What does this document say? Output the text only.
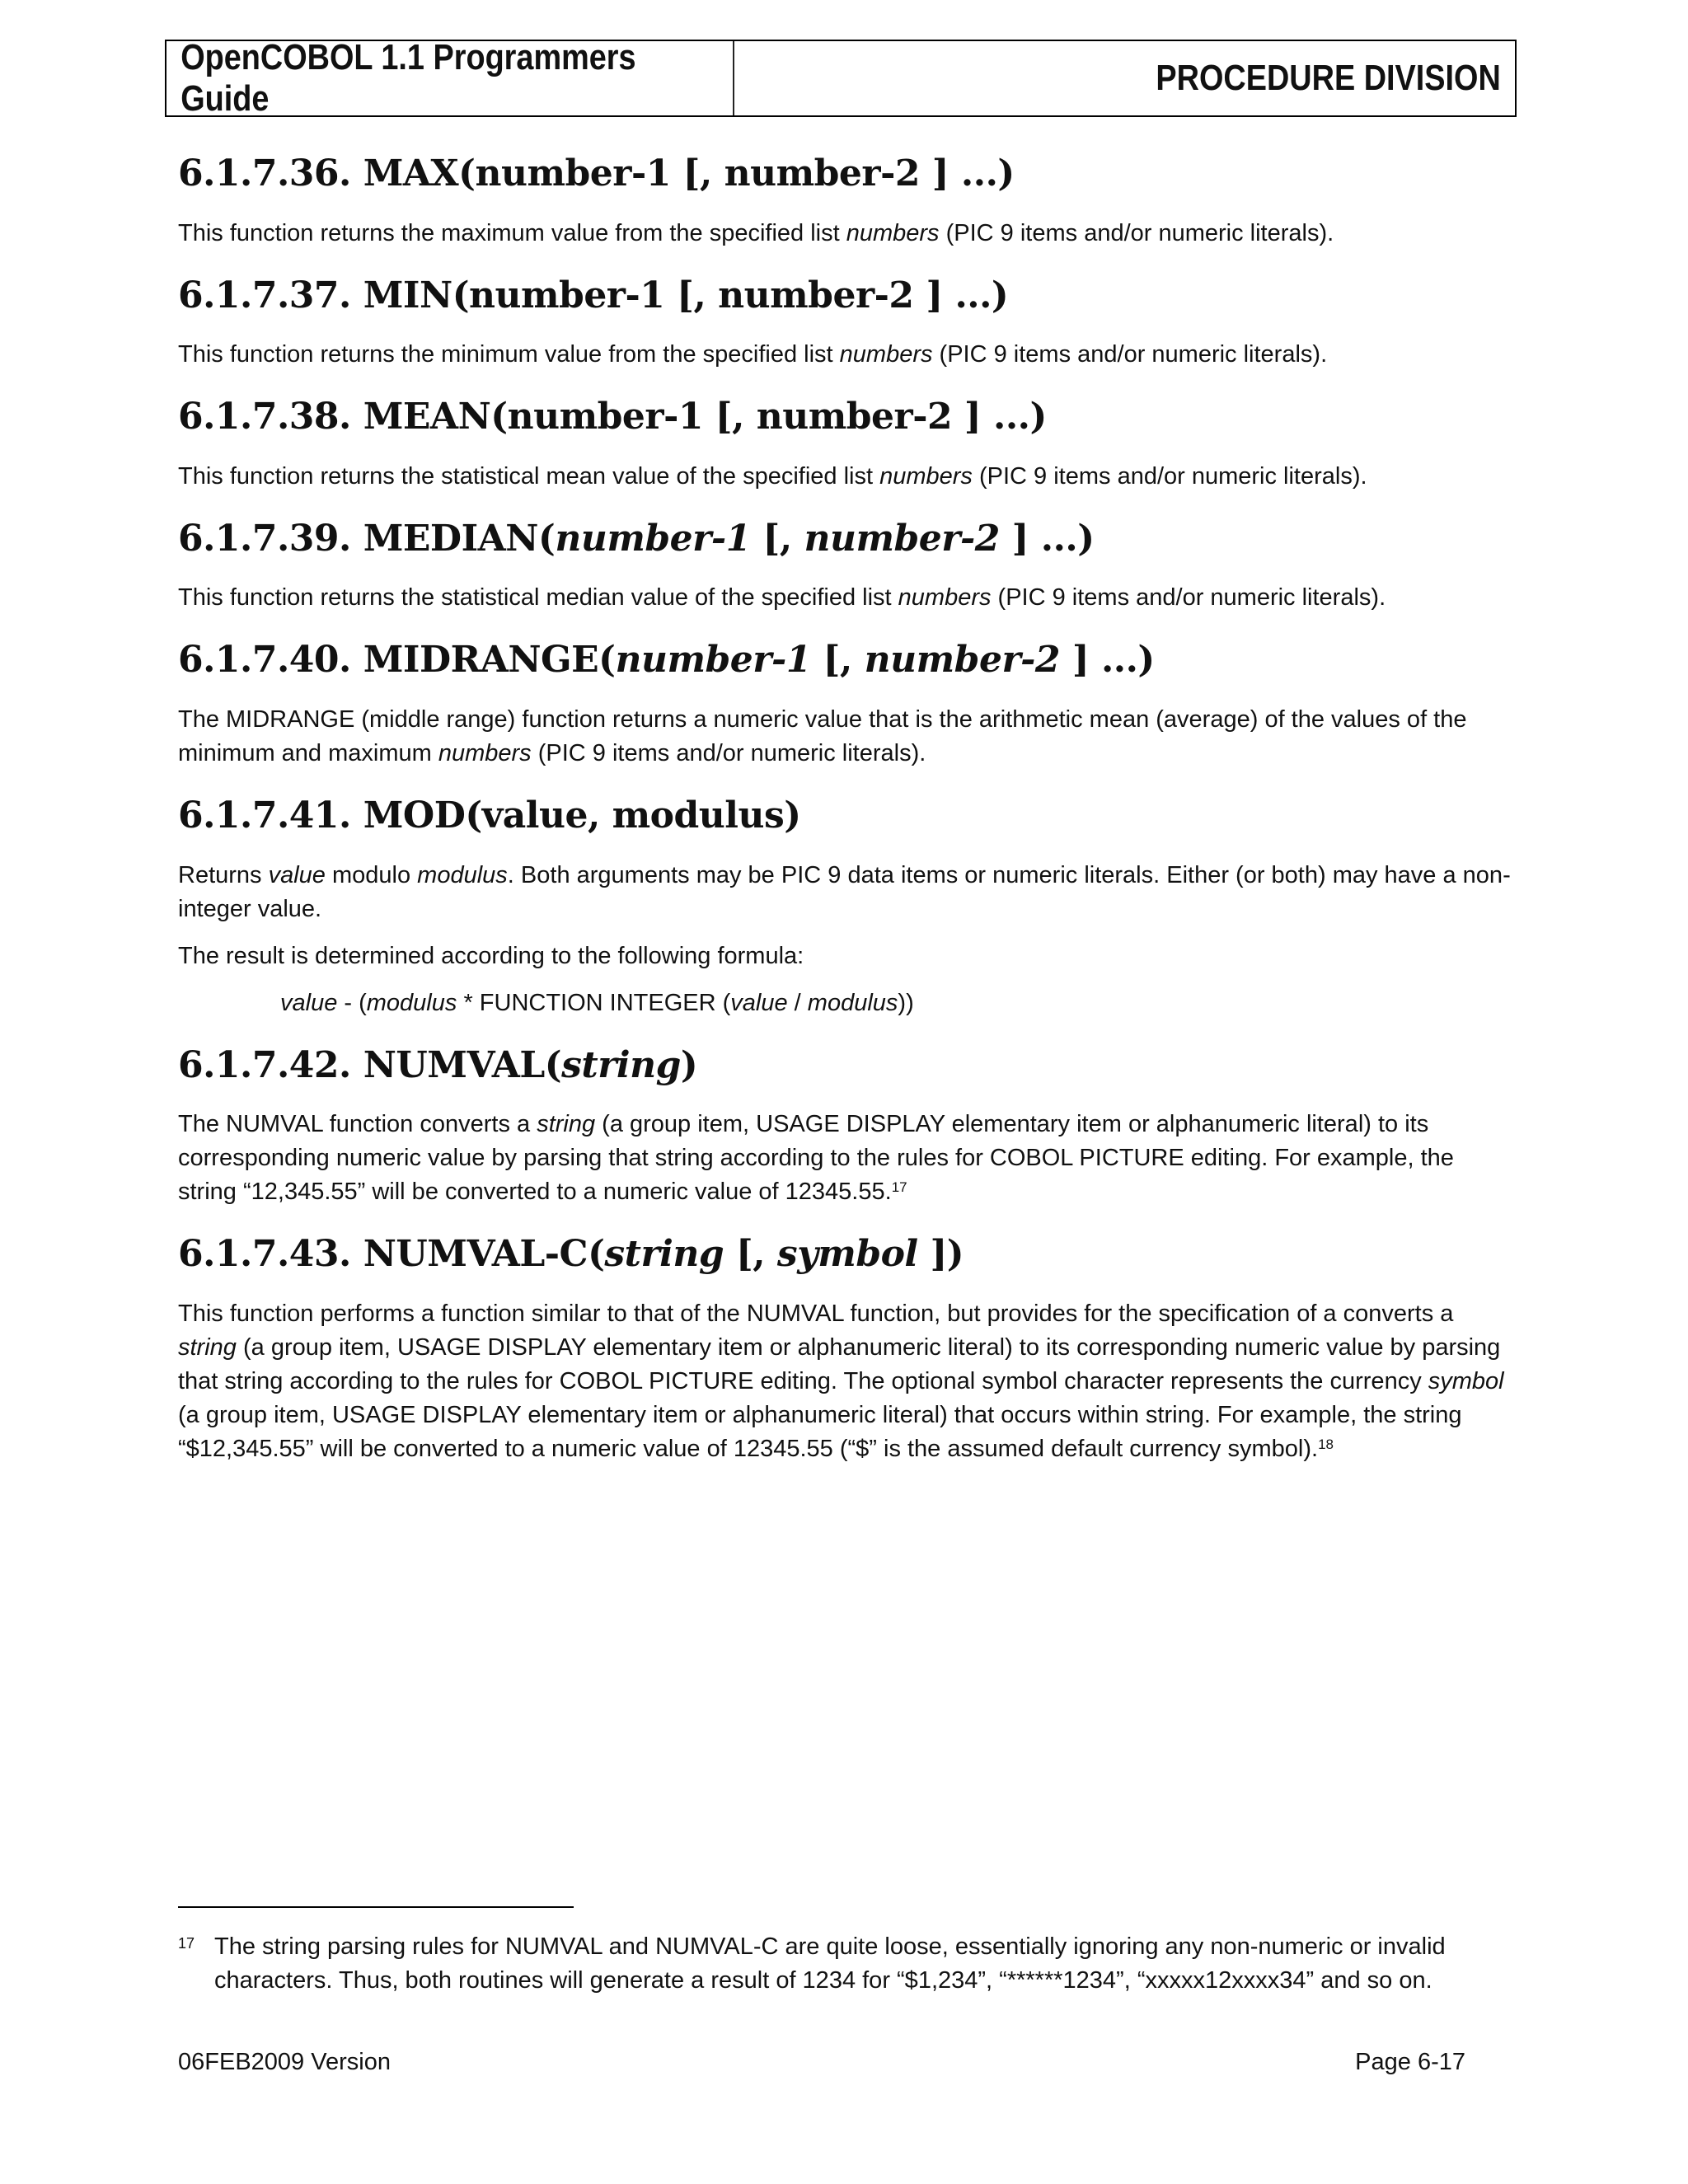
OpenCOBOL 1.1 Programmers Guide
PROCEDURE DIVISION
6.1.7.36. MAX(number-1 [, number-2 ] ...)

This function returns the maximum value from the specified list numbers (PIC 9 items and/or numeric literals).

6.1.7.37. MIN(number-1 [, number-2 ] ...)

This function returns the minimum value from the specified list numbers (PIC 9 items and/or numeric literals).

6.1.7.38. MEAN(number-1 [, number-2 ] ...)

This function returns the statistical mean value of the specified list numbers (PIC 9 items and/or numeric literals).

6.1.7.39. MEDIAN(number-1 [, number-2 ] ...)

This function returns the statistical median value of the specified list numbers (PIC 9 items and/or numeric literals).

6.1.7.40. MIDRANGE(number-1 [, number-2 ] ...)

The MIDRANGE (middle range) function returns a numeric value that is the arithmetic mean (average) of the values of the minimum and maximum numbers (PIC 9 items and/or numeric literals).

6.1.7.41. MOD(value, modulus)

Returns value modulo modulus. Both arguments may be PIC 9 data items or numeric literals. Either (or both) may have a non-integer value.

The result is determined according to the following formula:

value - (modulus * FUNCTION INTEGER (value / modulus))

6.1.7.42. NUMVAL(string)

The NUMVAL function converts a string (a group item, USAGE DISPLAY elementary item or alphanumeric literal) to its corresponding numeric value by parsing that string according to the rules for COBOL PICTURE editing. For example, the string “12,345.55” will be converted to a numeric value of 12345.55.17

6.1.7.43. NUMVAL-C(string [, symbol ])

This function performs a function similar to that of the NUMVAL function, but provides for the specification of a converts a string (a group item, USAGE DISPLAY elementary item or alphanumeric literal) to its corresponding numeric value by parsing that string according to the rules for COBOL PICTURE editing. The optional symbol character represents the currency symbol (a group item, USAGE DISPLAY elementary item or alphanumeric literal) that occurs within string. For example, the string “$12,345.55” will be converted to a numeric value of 12345.55 (“$” is the assumed default currency symbol).$^{18}$

17 The string parsing rules for NUMVAL and NUMVAL-C are quite loose, essentially ignoring any non-numeric or invalid characters. Thus, both routines will generate a result of 1234 for “$1,234”, “******1234”, “xxxxx12xxxx34” and so on.
06FEB2009 Version	Page 6-17
